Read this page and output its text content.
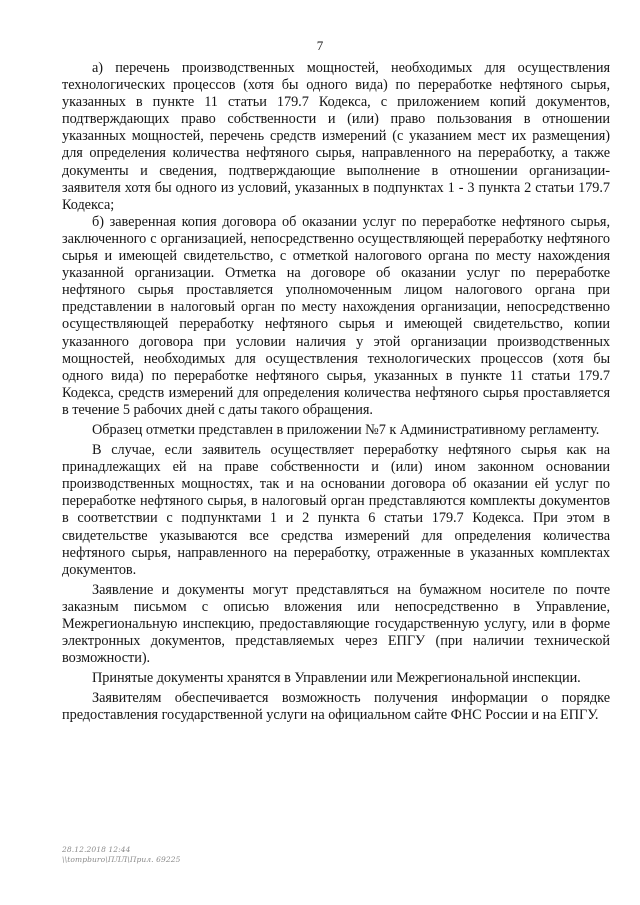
7

а) перечень производственных мощностей, необходимых для осуществления технологических процессов (хотя бы одного вида) по переработке нефтяного сырья, указанных в пункте 11 статьи 179.7 Кодекса, с приложением копий документов, подтверждающих право собственности и (или) право пользования в отношении указанных мощностей, перечень средств измерений (с указанием мест их размещения) для определения количества нефтяного сырья, направленного на переработку, а также документы и сведения, подтверждающие выполнение в отношении организации-заявителя хотя бы одного из условий, указанных в подпунктах 1 - 3 пункта 2 статьи 179.7 Кодекса;

б) заверенная копия договора об оказании услуг по переработке нефтяного сырья, заключенного с организацией, непосредственно осуществляющей переработку нефтяного сырья и имеющей свидетельство, с отметкой налогового органа по месту нахождения указанной организации. Отметка на договоре об оказании услуг по переработке нефтяного сырья проставляется уполномоченным лицом налогового органа при представлении в налоговый орган по месту нахождения организации, непосредственно осуществляющей переработку нефтяного сырья и имеющей свидетельство, копии указанного договора при условии наличия у этой организации производственных мощностей, необходимых для осуществления технологических процессов (хотя бы одного вида) по переработке нефтяного сырья, указанных в пункте 11 статьи 179.7 Кодекса, средств измерений для определения количества нефтяного сырья проставляется в течение 5 рабочих дней с даты такого обращения.

Образец отметки представлен в приложении №7 к Административному регламенту.

В случае, если заявитель осуществляет переработку нефтяного сырья как на принадлежащих ей на праве собственности и (или) ином законном основании производственных мощностях, так и на основании договора об оказании ей услуг по переработке нефтяного сырья, в налоговый орган представляются комплекты документов в соответствии с подпунктами 1 и 2 пункта 6 статьи 179.7 Кодекса. При этом в свидетельстве указываются все средства измерений для определения количества нефтяного сырья, направленного на переработку, отраженные в указанных комплектах документов.

Заявление и документы могут представляться на бумажном носителе по почте заказным письмом с описью вложения или непосредственно в Управление, Межрегиональную инспекцию, предоставляющие государственную услугу, или в форме электронных документов, представляемых через ЕПГУ (при наличии технической возможности).

Принятые документы хранятся в Управлении или Межрегиональной инспекции.

Заявителям обеспечивается возможность получения информации о порядке предоставления государственной услуги на официальном сайте ФНС России и на ЕПГУ.

28.12.2018 12:44
\\tompburo\ПЛЛ\Прил. 69225
